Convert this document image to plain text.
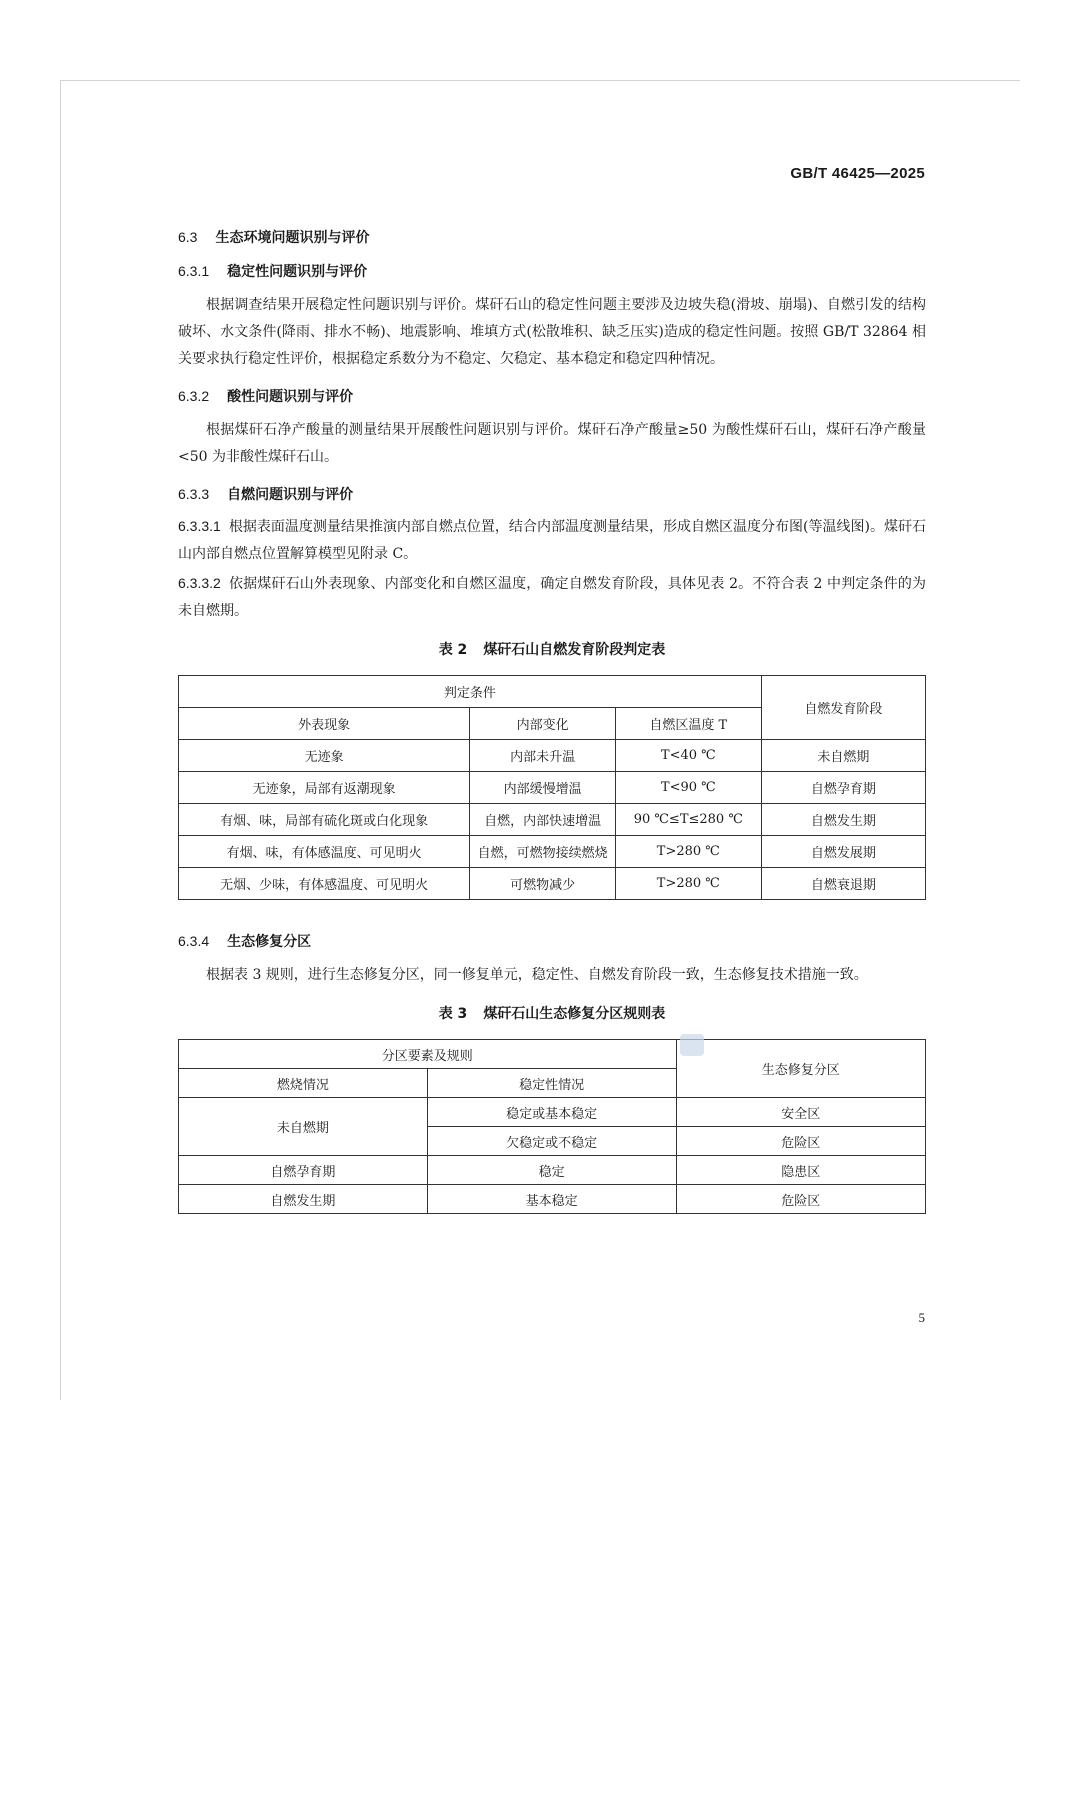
GB/T 46425—2025
6.3 生态环境问题识别与评价
6.3.1 稳定性问题识别与评价

根据调查结果开展稳定性问题识别与评价。煤矸石山的稳定性问题主要涉及边坡失稳(滑坡、崩塌)、自燃引发的结构破坏、水文条件(降雨、排水不畅)、地震影响、堆填方式(松散堆积、缺乏压实)造成的稳定性问题。按照 GB/T 32864 相关要求执行稳定性评价，根据稳定系数分为不稳定、欠稳定、基本稳定和稳定四种情况。

6.3.2 酸性问题识别与评价

根据煤矸石净产酸量的测量结果开展酸性问题识别与评价。煤矸石净产酸量≥50 为酸性煤矸石山，煤矸石净产酸量<50 为非酸性煤矸石山。

6.3.3 自燃问题识别与评价

6.3.3.1 根据表面温度测量结果推演内部自燃点位置，结合内部温度测量结果，形成自燃区温度分布图(等温线图)。煤矸石山内部自燃点位置解算模型见附录 C。

6.3.3.2 依据煤矸石山外表现象、内部变化和自燃区温度，确定自燃发育阶段，具体见表 2。不符合表 2 中判定条件的为未自燃期。

表 2 煤矸石山自燃发育阶段判定表
判定条件			自燃发育阶段
外表现象	内部变化	自燃区温度 T	
无迹象	内部未升温	T<40 ℃	未自燃期
无迹象，局部有返潮现象	内部缓慢增温	T<90 ℃	自燃孕育期
有烟、味，局部有硫化斑或白化现象	自燃，内部快速增温	90 ℃≤T≤280 ℃	自燃发生期
有烟、味，有体感温度、可见明火	自燃，可燃物接续燃烧	T>280 ℃	自燃发展期
无烟、少味，有体感温度、可见明火	可燃物减少	T>280 ℃	自燃衰退期
6.3.4 生态修复分区

根据表 3 规则，进行生态修复分区，同一修复单元，稳定性、自燃发育阶段一致，生态修复技术措施一致。

表 3 煤矸石山生态修复分区规则表
分区要素及规则		生态修复分区
燃烧情况	稳定性情况	
未自燃期	稳定或基本稳定	安全区
	欠稳定或不稳定	危险区
自燃孕育期	稳定	隐患区
自燃发生期	基本稳定	危险区
5
